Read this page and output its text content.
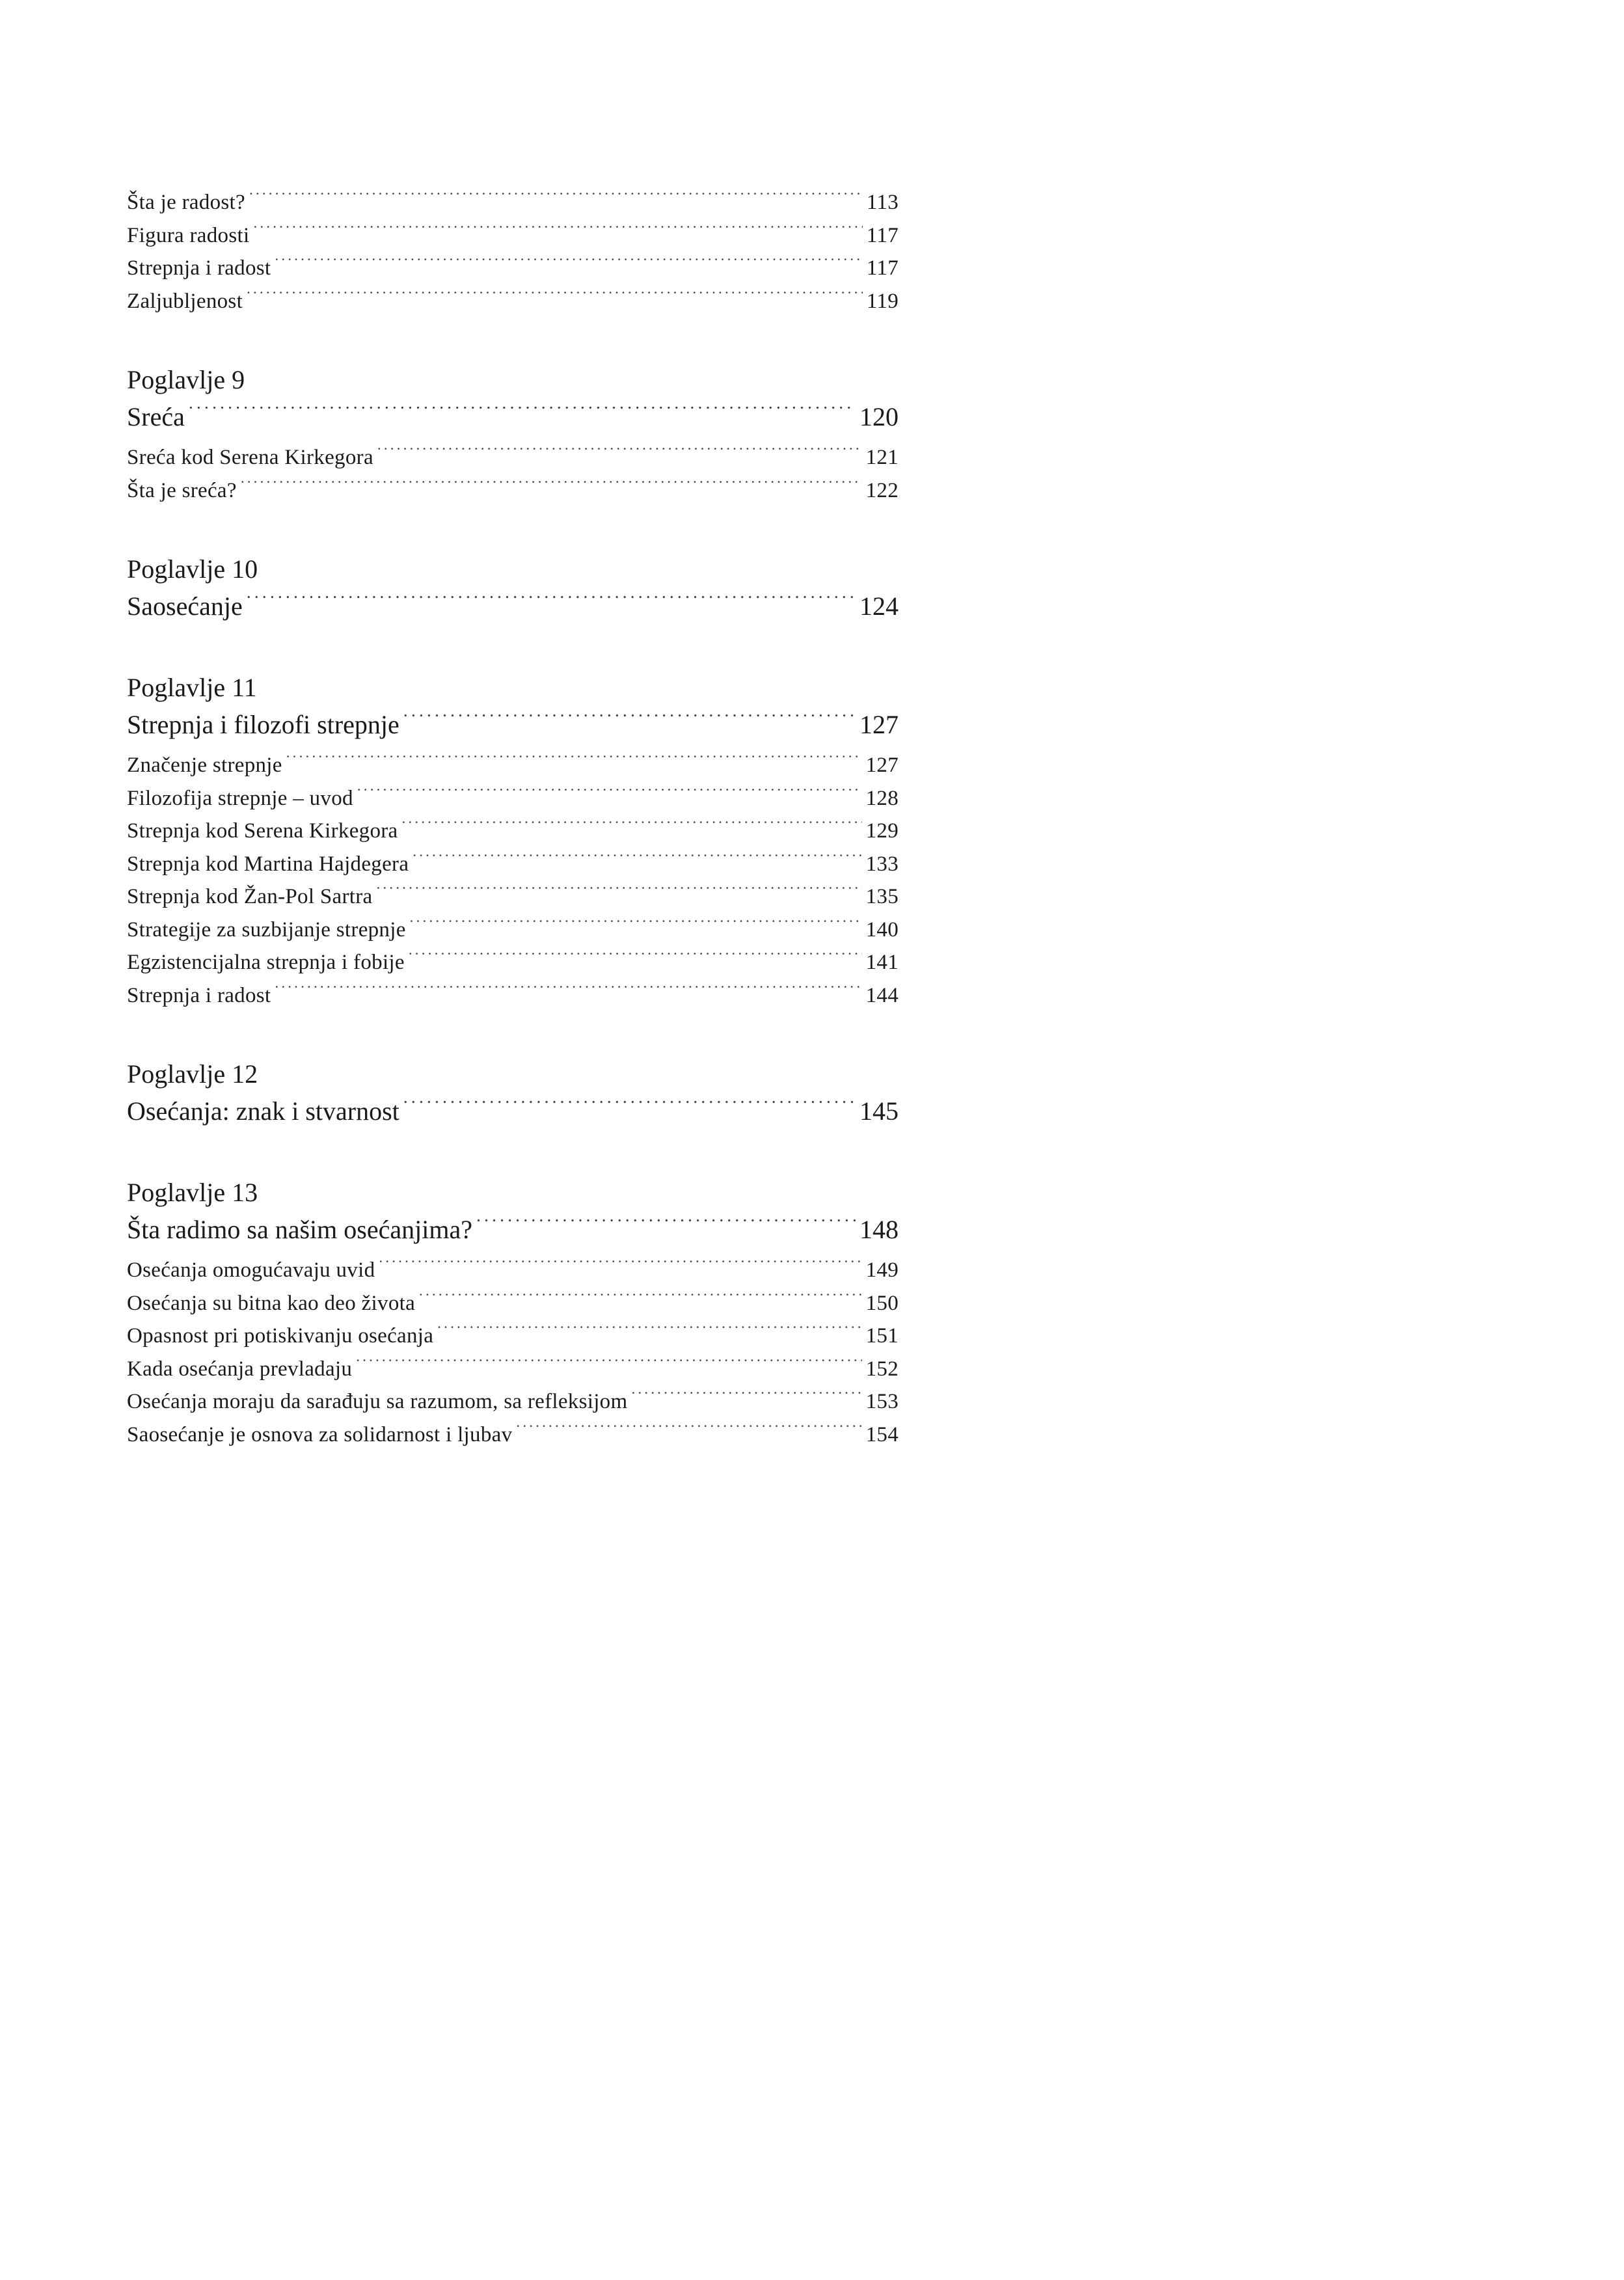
Šta je radost? .....	113
Figura radosti .....	117
Strepnja i radost .....	117
Zaljubljenost .....	119
Poglavlje 9
Sreća .....	120
Sreća kod Serena Kirkegora .....	121
Šta je sreća? .....	122
Poglavlje 10
Saosećanje .....	124
Poglavlje 11
Strepnja i filozofi strepnje .....	127
Značenje strepnje .....	127
Filozofija strepnje – uvod .....	128
Strepnja kod Serena Kirkegora .....	129
Strepnja kod Martina Hajdegera .....	133
Strepnja kod Žan-Pol Sartra .....	135
Strategije za suzbijanje strepnje .....	140
Egzistencijalna strepnja i fobije .....	141
Strepnja i radost .....	144
Poglavlje 12
Osećanja: znak i stvarnost .....	145
Poglavlje 13
Šta radimo sa našim osećanjima? .....	148
Osećanja omogućavaju uvid .....	149
Osećanja su bitna kao deo života .....	150
Opasnost pri potiskivanju osećanja .....	151
Kada osećanja prevladaju .....	152
Osećanja moraju da sarađuju sa razumom, sa refleksijom .....	153
Saosećanje je osnova za solidarnost i ljubav .....	154
